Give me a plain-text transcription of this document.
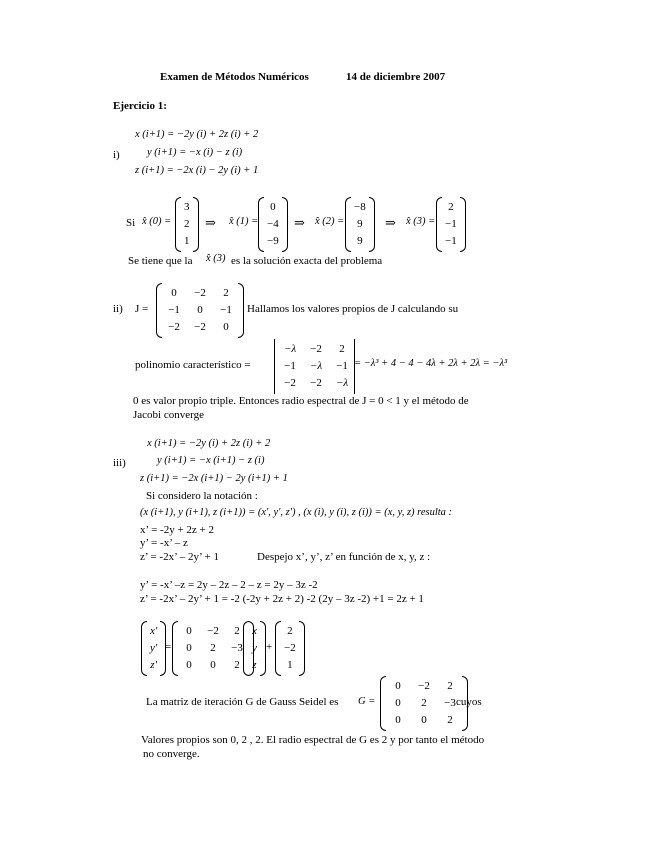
Examen de Métodos Numéricos	14 de diciembre 2007
Ejercicio 1:
x (i+1) = −2y (i) + 2z (i) + 2
i)	y (i+1) = −x (i) − z (i)
z (i+1) = −2x (i) − 2y (i) + 1
Si x̂ (0) =
3
2
1
⇒ x̂ (1) =
0
−4
−9
⇒ x̂ (2) =
−8
9
9
⇒ x̂ (3) =
2
−1
−1
Se tiene que la x̂ (3) es la solución exacta del problema
ii) J =
0 −2 2
−1 0 −1
−2 −2 0
Hallamos los valores propios de J calculando su
polinomio característico =
−λ −2 2
−1 −λ −1
−2 −2 −λ
= −λ³ + 4 − 4 − 4λ + 2λ + 2λ = −λ³
0 es valor propio triple. Entonces radio espectral de J = 0 < 1 y el método de
Jacobi converge
x (i+1) = −2y (i) + 2z (i) + 2
iii)	y (i+1) = −x (i+1) − z (i)
z (i+1) = −2x (i+1) − 2y (i+1) + 1
Si considero la notación :
(x (i+1), y (i+1), z (i+1)) = (x', y', z') , (x (i), y (i), z (i)) = (x, y, z) resulta :
x’ = -2y + 2z + 2
y’ = -x’ – z
z’ = -2x’ – 2y’ + 1	Despejo x’, y’, z’ en función de x, y, z :
y’ = -x’ –z = 2y – 2z – 2 – z = 2y – 3z -2
z’ = -2x’ – 2y’ + 1 = -2 (-2y + 2z + 2) -2 (2y – 3z -2) +1 = 2z + 1
x'
y'
z'
=
0 −2 2
0 2 −3
0 0 2
x
y
z
+
2
−2
1
La matriz de iteración G de Gauss Seidel es G =
0 −2 2
0 2 −3
0 0 2
cuyos
Valores propios son 0, 2 , 2. El radio espectral de G es 2 y por tanto el método
no converge.
